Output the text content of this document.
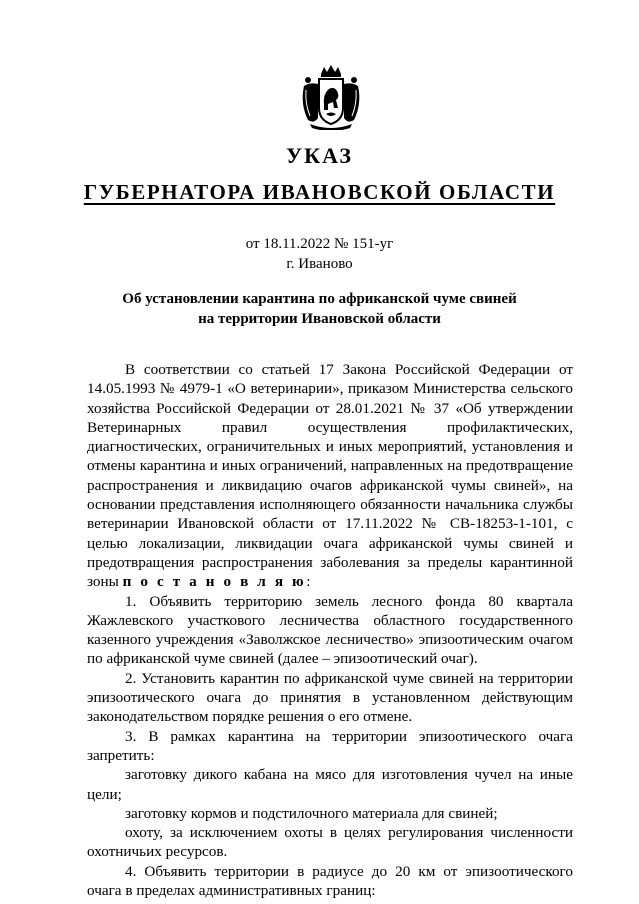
УКАЗ
ГУБЕРНАТОРА ИВАНОВСКОЙ ОБЛАСТИ
от 18.11.2022 № 151-уг
г. Иваново
Об установлении карантина по африканской чуме свиней
на территории Ивановской области

В соответствии со статьей 17 Закона Российской Федерации от 14.05.1993 № 4979-1 «О ветеринарии», приказом Министерства сельского хозяйства Российской Федерации от 28.01.2021 № 37 «Об утверждении Ветеринарных правил осуществления профилактических, диагностических, ограничительных и иных мероприятий, установления и отмены карантина и иных ограничений, направленных на предотвращение распространения и ликвидацию очагов африканской чумы свиней», на основании представления исполняющего обязанности начальника службы ветеринарии Ивановской области от 17.11.2022 № СВ-18253-1-101, с целью локализации, ликвидации очага африканской чумы свиней и предотвращения распространения заболевания за пределы карантинной зоны п о с т а н о в л я ю:

1. Объявить территорию земель лесного фонда 80 квартала Жажлевского участкового лесничества областного государственного казенного учреждения «Заволжское лесничество» эпизоотическим очагом по африканской чуме свиней (далее – эпизоотический очаг).

2. Установить карантин по африканской чуме свиней на территории эпизоотического очага до принятия в установленном действующим законодательством порядке решения о его отмене.

3. В рамках карантина на территории эпизоотического очага запретить:

заготовку дикого кабана на мясо для изготовления чучел на иные цели;

заготовку кормов и подстилочного материала для свиней;

охоту, за исключением охоты в целях регулирования численности охотничьих ресурсов.

4. Объявить территории в радиусе до 20 км от эпизоотического очага в пределах административных границ:
